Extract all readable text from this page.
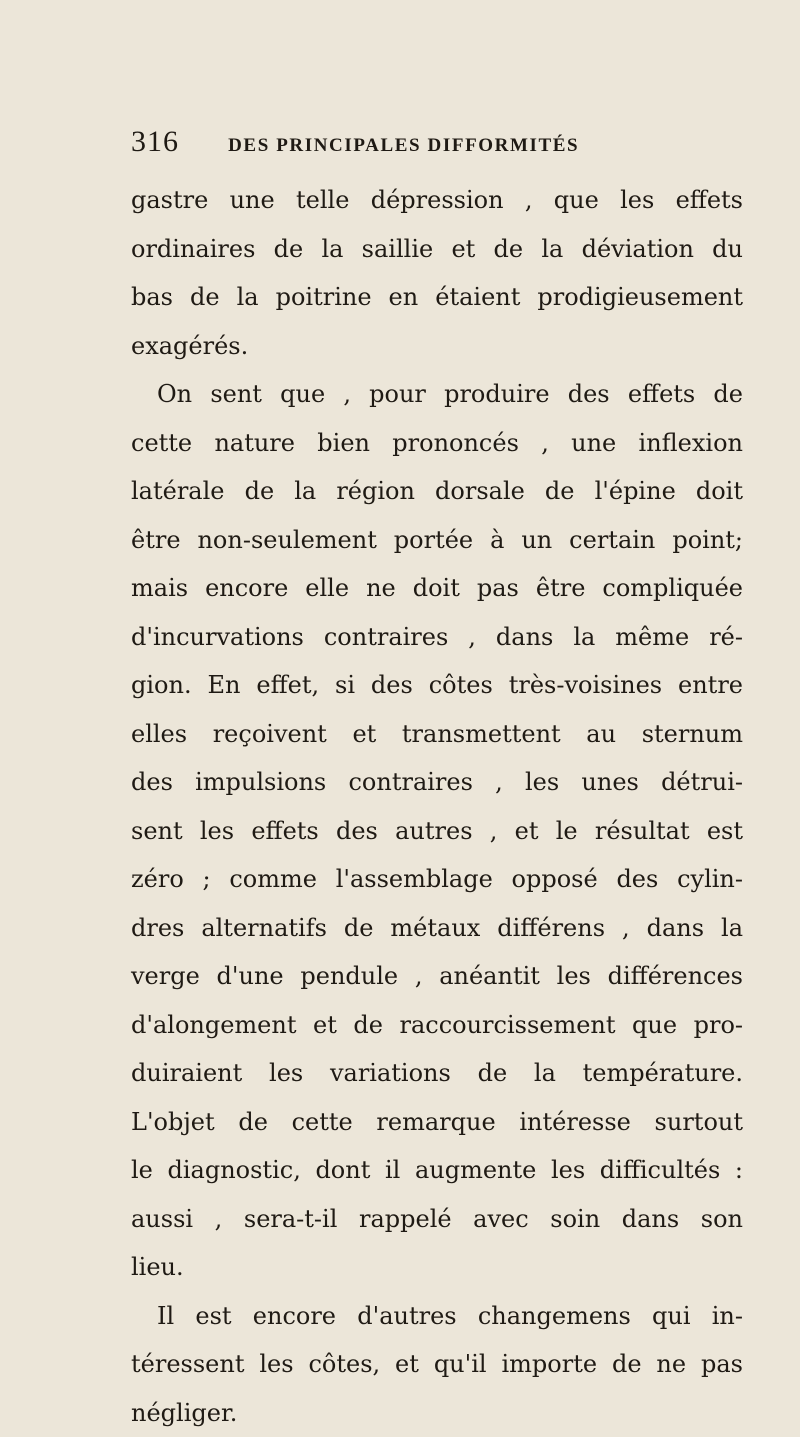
316	DES PRINCIPALES DIFFORMITÉS
gastre une telle dépression , que les effets
ordinaires de la saillie et de la déviation du
bas de la poitrine en étaient prodigieusement
exagérés.
On sent que , pour produire des effets de
cette nature bien prononcés , une inflexion
latérale de la région dorsale de l'épine doit
être non-seulement portée à un certain point;
mais encore elle ne doit pas être compliquée
d'incurvations contraires , dans la même ré-
gion. En effet, si des côtes très-voisines entre
elles reçoivent et transmettent au sternum
des impulsions contraires , les unes détrui-
sent les effets des autres , et le résultat est
zéro ; comme l'assemblage opposé des cylin-
dres alternatifs de métaux différens , dans la
verge d'une pendule , anéantit les différences
d'alongement et de raccourcissement que pro-
duiraient les variations de la température.
L'objet de cette remarque intéresse surtout
le diagnostic, dont il augmente les difficultés :
aussi , sera-t-il rappelé avec soin dans son
lieu.
Il est encore d'autres changemens qui in-
téressent les côtes, et qu'il importe de ne pas
négliger.
